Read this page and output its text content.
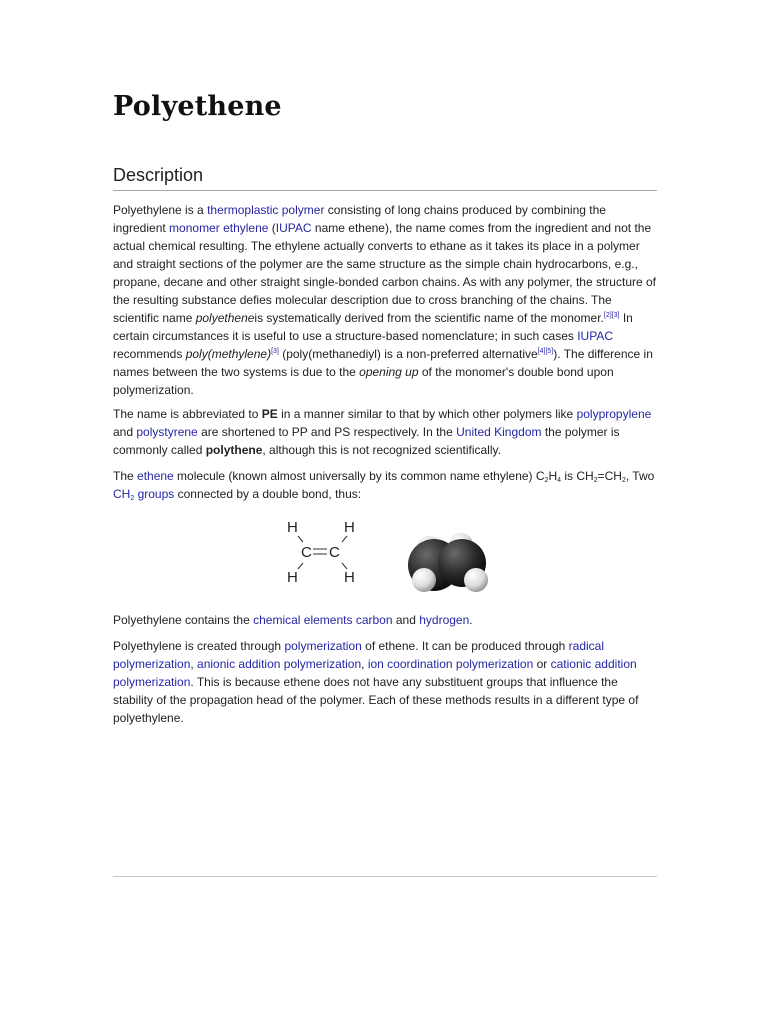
Polyethene
Description

Polyethylene is a thermoplastic polymer consisting of long chains produced by combining the ingredient monomer ethylene (IUPAC name ethene), the name comes from the ingredient and not the actual chemical resulting. The ethylene actually converts to ethane as it takes its place in a polymer and straight sections of the polymer are the same structure as the simple chain hydrocarbons, e.g., propane, decane and other straight single-bonded carbon chains. As with any polymer, the structure of the resulting substance defies molecular description due to cross branching of the chains. The scientific name polyetheneis systematically derived from the scientific name of the monomer.[2][3] In certain circumstances it is useful to use a structure-based nomenclature; in such cases IUPAC recommends poly(methylene)[3] (poly(methanediyl) is a non-preferred alternative[4][5]). The difference in names between the two systems is due to the opening up of the monomer's double bond upon polymerization.

The name is abbreviated to PE in a manner similar to that by which other polymers like polypropylene and polystyrene are shortened to PP and PS respectively. In the United Kingdom the polymer is commonly called polythene, although this is not recognized scientifically.

The ethene molecule (known almost universally by its common name ethylene) $C_2H_4$ is $CH_2=CH_2$, Two $CH_2$ groups connected by a double bond, thus:

H	H
C C
H	H

Polyethylene contains the chemical elements carbon and hydrogen.

Polyethylene is created through polymerization of ethene. It can be produced through radical polymerization, anionic addition polymerization, ion coordination polymerization or cationic addition polymerization. This is because ethene does not have any substituent groups that influence the stability of the propagation head of the polymer. Each of these methods results in a different type of polyethylene.
